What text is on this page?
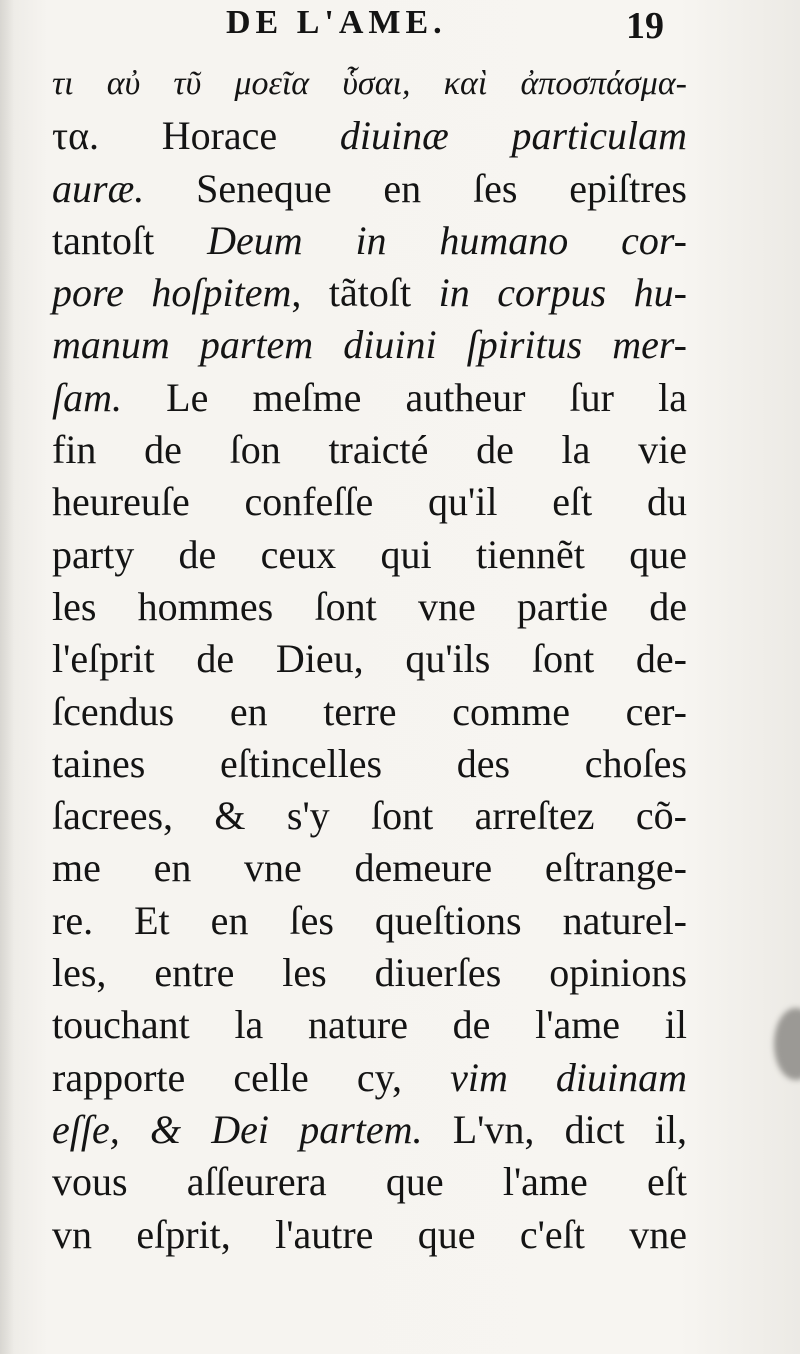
DE L'AME.	19
τι αὐ τῦ μοεῖα ὗσαι, καὶ ἀποσπάσμα-
τα. Horace diuinæ particulam
auræ. Seneque en ſes epiſtres
tantoſt Deum in humano cor-
pore hoſpitem, tãtoſt in corpus hu-
manum partem diuini ſpiritus mer-
ſam. Le meſme autheur ſur la
fin de ſon traicté de la vie
heureuſe confeſſe qu'il eſt du
party de ceux qui tiennẽt que
les hommes ſont vne partie de
l'eſprit de Dieu, qu'ils ſont de-
ſcendus en terre comme cer-
taines eſtincelles des choſes
ſacrees, & s'y ſont arreſtez cõ-
me en vne demeure eſtrange-
re. Et en ſes queſtions naturel-
les, entre les diuerſes opinions
touchant la nature de l'ame il
rapporte celle cy, vim diuinam
eſſe, & Dei partem. L'vn, dict il,
vous aſſeurera que l'ame eſt
vn eſprit, l'autre que c'eſt vne
